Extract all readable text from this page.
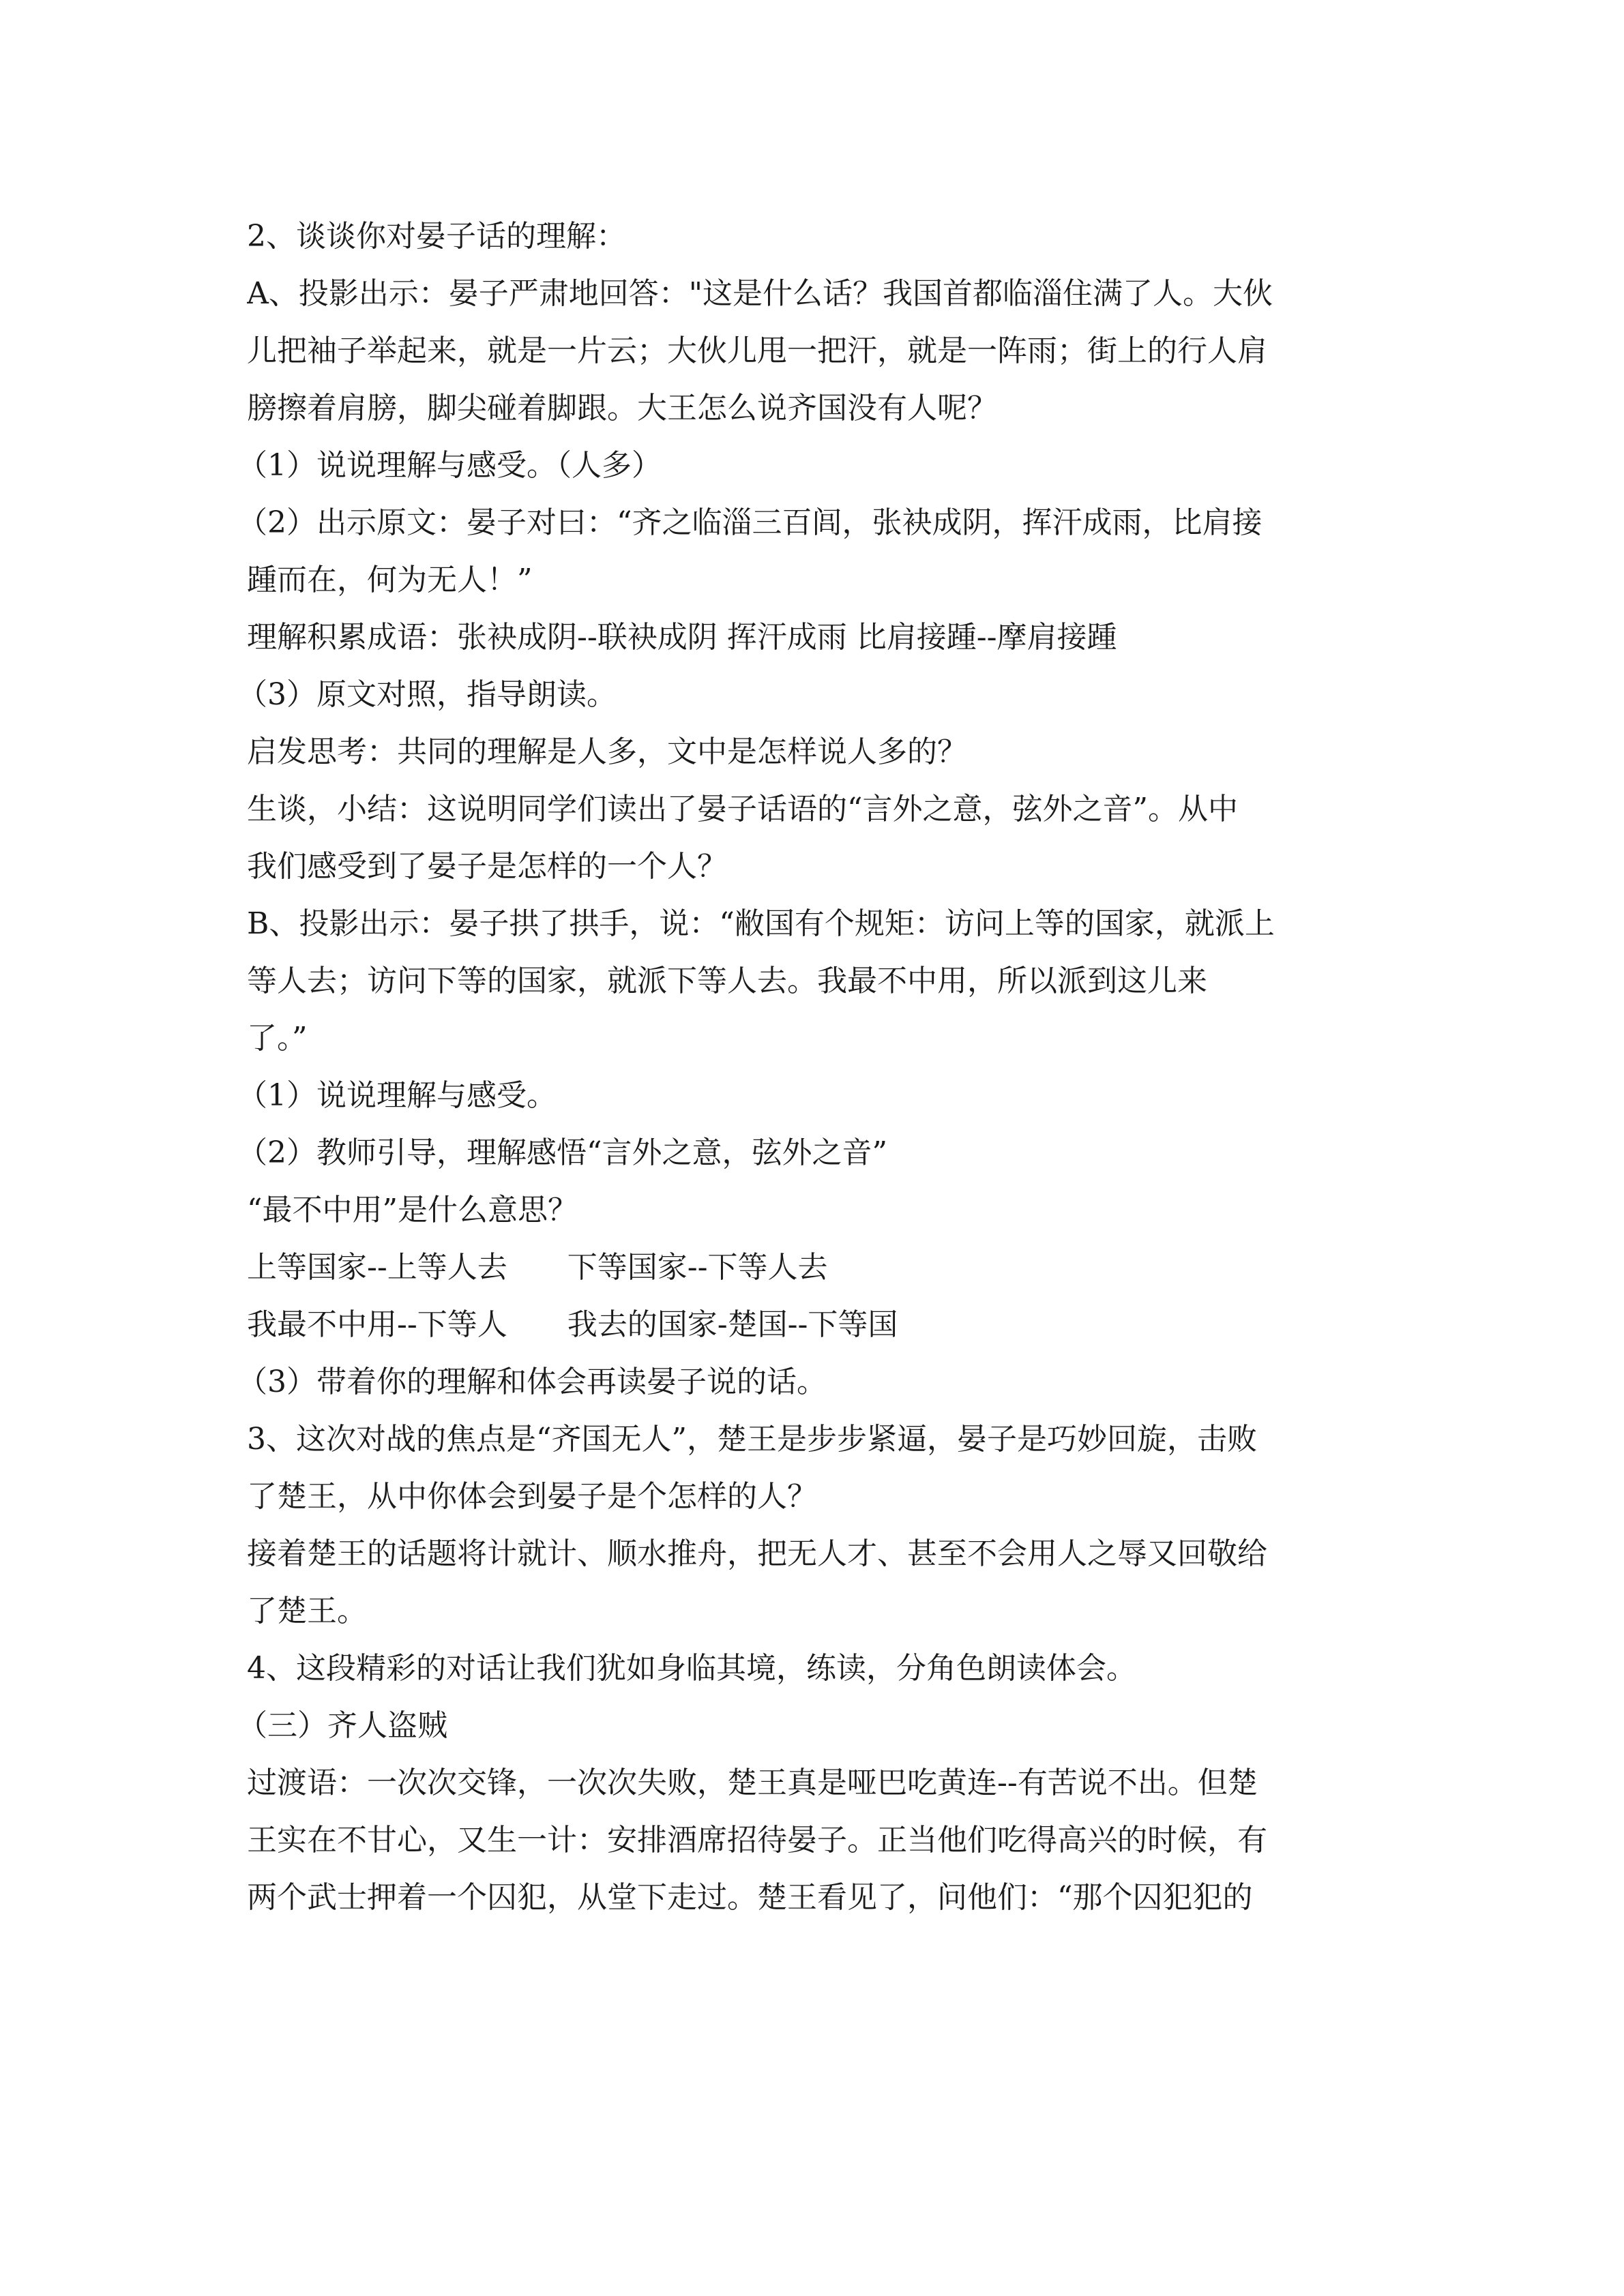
2、谈谈你对晏子话的理解：
A、投影出示：晏子严肃地回答："这是什么话？我国首都临淄住满了人。大伙
儿把袖子举起来，就是一片云；大伙儿甩一把汗，就是一阵雨；街上的行人肩
膀擦着肩膀，脚尖碰着脚跟。大王怎么说齐国没有人呢？
（1）说说理解与感受。（人多）
（2）出示原文：晏子对曰：“齐之临淄三百闾，张袂成阴，挥汗成雨，比肩接
踵而在，何为无人！”
理解积累成语：张袂成阴--联袂成阴 挥汗成雨 比肩接踵--摩肩接踵
（3）原文对照，指导朗读。
启发思考：共同的理解是人多，文中是怎样说人多的？
生谈，小结：这说明同学们读出了晏子话语的“言外之意，弦外之音”。从中
我们感受到了晏子是怎样的一个人？
B、投影出示：晏子拱了拱手，说：“敝国有个规矩：访问上等的国家，就派上
等人去；访问下等的国家，就派下等人去。我最不中用，所以派到这儿来
了。”
（1）说说理解与感受。
（2）教师引导，理解感悟“言外之意，弦外之音”
“最不中用”是什么意思？
上等国家--上等人去　　下等国家--下等人去
我最不中用--下等人　　我去的国家-楚国--下等国
（3）带着你的理解和体会再读晏子说的话。
3、这次对战的焦点是“齐国无人”，楚王是步步紧逼，晏子是巧妙回旋，击败
了楚王，从中你体会到晏子是个怎样的人？
接着楚王的话题将计就计、顺水推舟，把无人才、甚至不会用人之辱又回敬给
了楚王。
4、这段精彩的对话让我们犹如身临其境，练读，分角色朗读体会。
（三）齐人盗贼
过渡语：一次次交锋，一次次失败，楚王真是哑巴吃黄连--有苦说不出。但楚
王实在不甘心，又生一计：安排酒席招待晏子。正当他们吃得高兴的时候，有
两个武士押着一个囚犯，从堂下走过。楚王看见了，问他们：“那个囚犯犯的
